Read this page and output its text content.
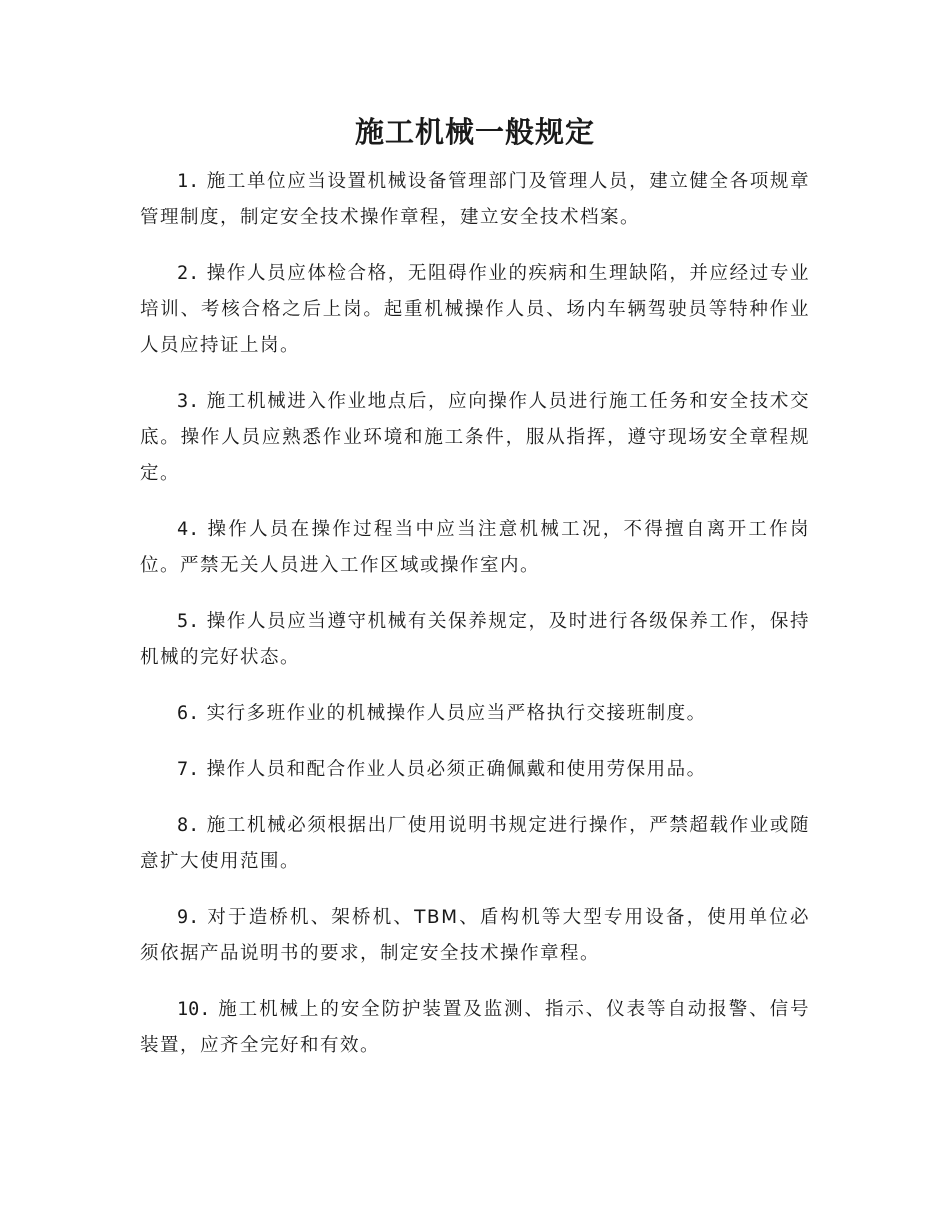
施工机械一般规定

1. 施工单位应当设置机械设备管理部门及管理人员，建立健全各项规章管理制度，制定安全技术操作章程，建立安全技术档案。

2. 操作人员应体检合格，无阻碍作业的疾病和生理缺陷，并应经过专业培训、考核合格之后上岗。起重机械操作人员、场内车辆驾驶员等特种作业人员应持证上岗。

3. 施工机械进入作业地点后，应向操作人员进行施工任务和安全技术交底。操作人员应熟悉作业环境和施工条件，服从指挥，遵守现场安全章程规定。

4. 操作人员在操作过程当中应当注意机械工况，不得擅自离开工作岗位。严禁无关人员进入工作区域或操作室内。

5. 操作人员应当遵守机械有关保养规定，及时进行各级保养工作，保持机械的完好状态。

6. 实行多班作业的机械操作人员应当严格执行交接班制度。

7. 操作人员和配合作业人员必须正确佩戴和使用劳保用品。

8. 施工机械必须根据出厂使用说明书规定进行操作，严禁超载作业或随意扩大使用范围。

9. 对于造桥机、架桥机、TBM、盾构机等大型专用设备，使用单位必须依据产品说明书的要求，制定安全技术操作章程。

10. 施工机械上的安全防护装置及监测、指示、仪表等自动报警、信号装置，应齐全完好和有效。
